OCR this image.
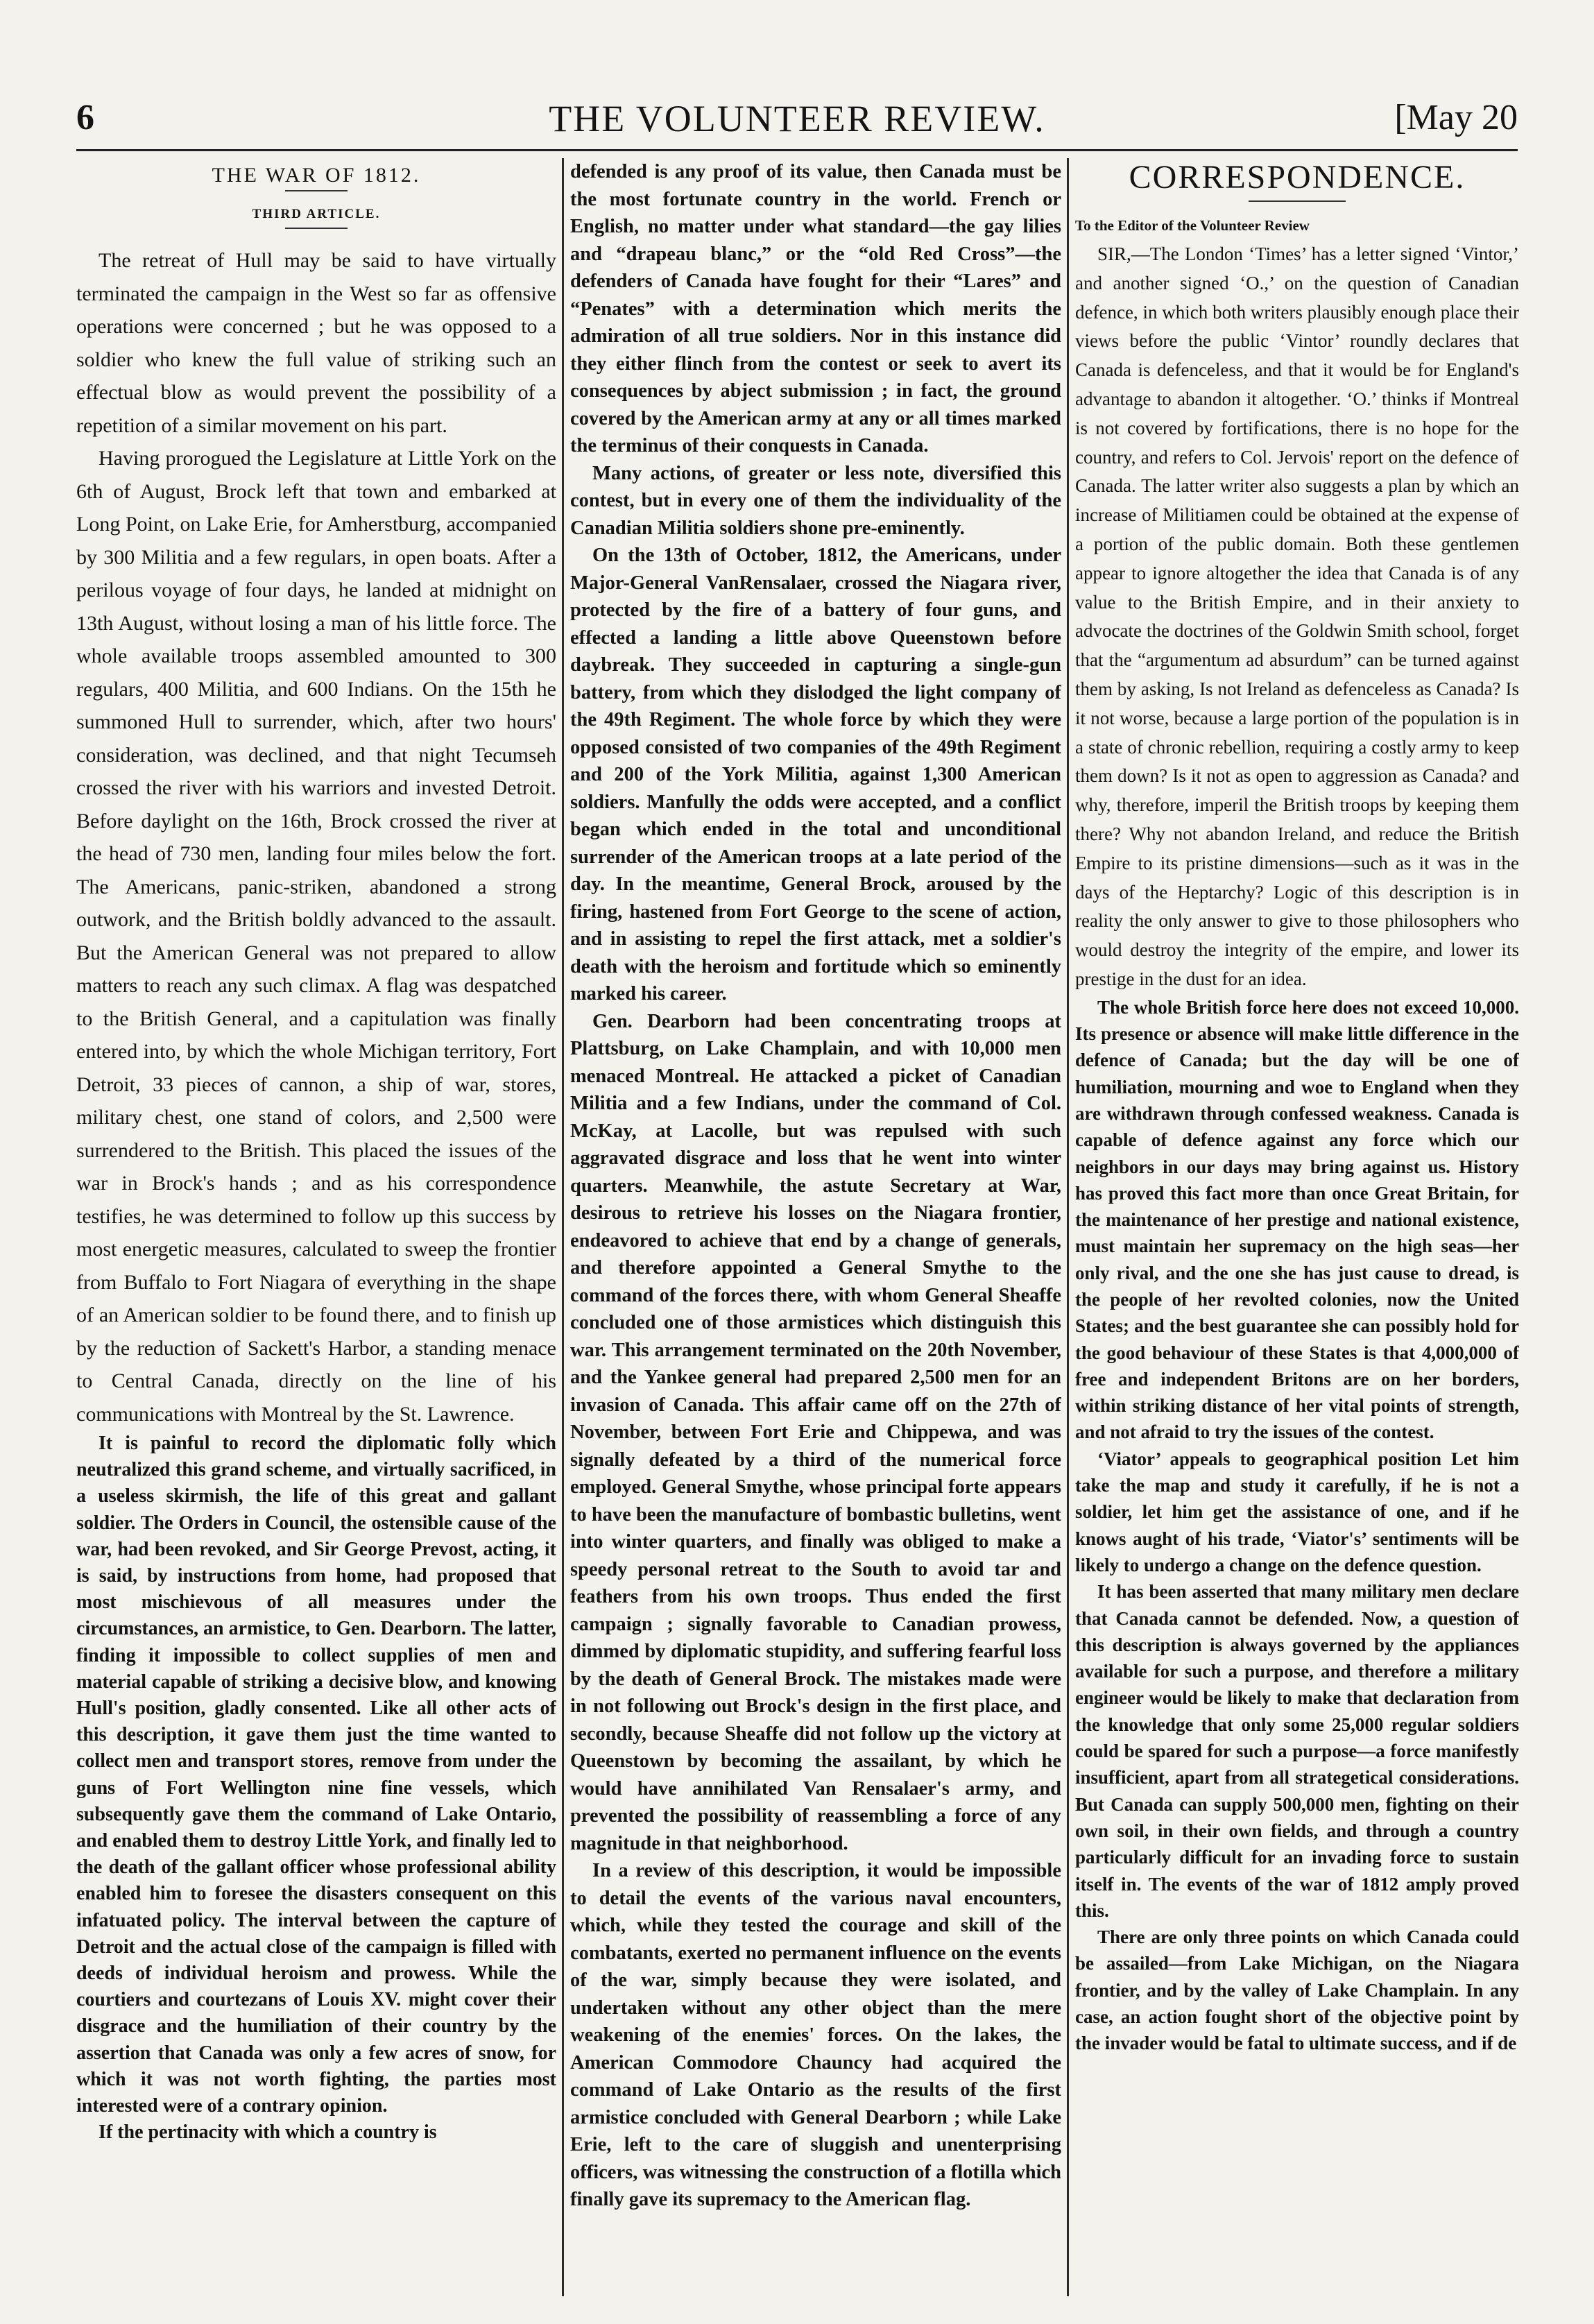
6	THE VOLUNTEER REVIEW.	[May 20
THE WAR OF 1812.
THIRD ARTICLE.

The retreat of Hull may be said to have virtually terminated the campaign in the West so far as offensive operations were concerned ; but he was opposed to a soldier who knew the full value of striking such an effectual blow as would prevent the possibility of a repetition of a similar movement on his part.

Having prorogued the Legislature at Little York on the 6th of August, Brock left that town and embarked at Long Point, on Lake Erie, for Amherstburg, accompanied by 300 Militia and a few regulars, in open boats. After a perilous voyage of four days, he landed at midnight on 13th August, without losing a man of his little force. The whole available troops assembled amounted to 300 regulars, 400 Militia, and 600 Indians. On the 15th he summoned Hull to surrender, which, after two hours' consideration, was declined, and that night Tecumseh crossed the river with his warriors and invested Detroit. Before daylight on the 16th, Brock crossed the river at the head of 730 men, landing four miles below the fort. The Americans, panic-striken, abandoned a strong outwork, and the British boldly advanced to the assault. But the American General was not prepared to allow matters to reach any such climax. A flag was despatched to the British General, and a capitulation was finally entered into, by which the whole Michigan territory, Fort Detroit, 33 pieces of cannon, a ship of war, stores, military chest, one stand of colors, and 2,500 were surrendered to the British. This placed the issues of the war in Brock's hands ; and as his correspondence testifies, he was determined to follow up this success by most energetic measures, calculated to sweep the frontier from Buffalo to Fort Niagara of everything in the shape of an American soldier to be found there, and to finish up by the reduction of Sackett's Harbor, a standing menace to Central Canada, directly on the line of his communications with Montreal by the St. Lawrence.

It is painful to record the diplomatic folly which neutralized this grand scheme, and virtually sacrificed, in a useless skirmish, the life of this great and gallant soldier. The Orders in Council, the ostensible cause of the war, had been revoked, and Sir George Prevost, acting, it is said, by instructions from home, had proposed that most mischievous of all measures under the circumstances, an armistice, to Gen. Dearborn. The latter, finding it impossible to collect supplies of men and material capable of striking a decisive blow, and knowing Hull's position, gladly consented. Like all other acts of this description, it gave them just the time wanted to collect men and transport stores, remove from under the guns of Fort Wellington nine fine vessels, which subsequently gave them the command of Lake Ontario, and enabled them to destroy Little York, and finally led to the death of the gallant officer whose professional ability enabled him to foresee the disasters consequent on this infatuated policy. The interval between the capture of Detroit and the actual close of the campaign is filled with deeds of individual heroism and prowess. While the courtiers and courtezans of Louis XV. might cover their disgrace and the humiliation of their country by the assertion that Canada was only a few acres of snow, for which it was not worth fighting, the parties most interested were of a contrary opinion.

If the pertinacity with which a country is

defended is any proof of its value, then Canada must be the most fortunate country in the world. French or English, no matter under what standard—the gay lilies and “drapeau blanc,” or the “old Red Cross”—the defenders of Canada have fought for their “Lares” and “Penates” with a determination which merits the admiration of all true soldiers. Nor in this instance did they either flinch from the contest or seek to avert its consequences by abject submission ; in fact, the ground covered by the American army at any or all times marked the terminus of their conquests in Canada.

Many actions, of greater or less note, diversified this contest, but in every one of them the individuality of the Canadian Militia soldiers shone pre-eminently.

On the 13th of October, 1812, the Americans, under Major-General VanRensalaer, crossed the Niagara river, protected by the fire of a battery of four guns, and effected a landing a little above Queenstown before daybreak. They succeeded in capturing a single-gun battery, from which they dislodged the light company of the 49th Regiment. The whole force by which they were opposed consisted of two companies of the 49th Regiment and 200 of the York Militia, against 1,300 American soldiers. Manfully the odds were accepted, and a conflict began which ended in the total and unconditional surrender of the American troops at a late period of the day. In the meantime, General Brock, aroused by the firing, hastened from Fort George to the scene of action, and in assisting to repel the first attack, met a soldier's death with the heroism and fortitude which so eminently marked his career.

Gen. Dearborn had been concentrating troops at Plattsburg, on Lake Champlain, and with 10,000 men menaced Montreal. He attacked a picket of Canadian Militia and a few Indians, under the command of Col. McKay, at Lacolle, but was repulsed with such aggravated disgrace and loss that he went into winter quarters. Meanwhile, the astute Secretary at War, desirous to retrieve his losses on the Niagara frontier, endeavored to achieve that end by a change of generals, and therefore appointed a General Smythe to the command of the forces there, with whom General Sheaffe concluded one of those armistices which distinguish this war. This arrangement terminated on the 20th November, and the Yankee general had prepared 2,500 men for an invasion of Canada. This affair came off on the 27th of November, between Fort Erie and Chippewa, and was signally defeated by a third of the numerical force employed. General Smythe, whose principal forte appears to have been the manufacture of bombastic bulletins, went into winter quarters, and finally was obliged to make a speedy personal retreat to the South to avoid tar and feathers from his own troops. Thus ended the first campaign ; signally favorable to Canadian prowess, dimmed by diplomatic stupidity, and suffering fearful loss by the death of General Brock. The mistakes made were in not following out Brock's design in the first place, and secondly, because Sheaffe did not follow up the victory at Queenstown by becoming the assailant, by which he would have annihilated Van Rensalaer's army, and prevented the possibility of reassembling a force of any magnitude in that neighborhood.

In a review of this description, it would be impossible to detail the events of the various naval encounters, which, while they tested the courage and skill of the combatants, exerted no permanent influence on the events of the war, simply because they were isolated, and undertaken without any other object than the mere weakening of the enemies' forces. On the lakes, the American Commodore Chauncy had acquired the command of Lake Ontario as the results of the first armistice concluded with General Dearborn ; while Lake Erie, left to the care of sluggish and unenterprising officers, was witnessing the construction of a flotilla which finally gave its supremacy to the American flag.

CORRESPONDENCE.
To the Editor of the Volunteer Review

SIR,—The London ‘Times’ has a letter signed ‘Vintor,’ and another signed ‘O.,’ on the question of Canadian defence, in which both writers plausibly enough place their views before the public ‘Vintor’ roundly declares that Canada is defenceless, and that it would be for England's advantage to abandon it altogether. ‘O.’ thinks if Montreal is not covered by fortifications, there is no hope for the country, and refers to Col. Jervois' report on the defence of Canada. The latter writer also suggests a plan by which an increase of Militiamen could be obtained at the expense of a portion of the public domain. Both these gentlemen appear to ignore altogether the idea that Canada is of any value to the British Empire, and in their anxiety to advocate the doctrines of the Goldwin Smith school, forget that the “argumentum ad absurdum” can be turned against them by asking, Is not Ireland as defenceless as Canada? Is it not worse, because a large portion of the population is in a state of chronic rebellion, requiring a costly army to keep them down? Is it not as open to aggression as Canada? and why, therefore, imperil the British troops by keeping them there? Why not abandon Ireland, and reduce the British Empire to its pristine dimensions—such as it was in the days of the Heptarchy? Logic of this description is in reality the only answer to give to those philosophers who would destroy the integrity of the empire, and lower its prestige in the dust for an idea.

The whole British force here does not exceed 10,000. Its presence or absence will make little difference in the defence of Canada; but the day will be one of humiliation, mourning and woe to England when they are withdrawn through confessed weakness. Canada is capable of defence against any force which our neighbors in our days may bring against us. History has proved this fact more than once Great Britain, for the maintenance of her prestige and national existence, must maintain her supremacy on the high seas—her only rival, and the one she has just cause to dread, is the people of her revolted colonies, now the United States; and the best guarantee she can possibly hold for the good behaviour of these States is that 4,000,000 of free and independent Britons are on her borders, within striking distance of her vital points of strength, and not afraid to try the issues of the contest.

‘Viator’ appeals to geographical position Let him take the map and study it carefully, if he is not a soldier, let him get the assistance of one, and if he knows aught of his trade, ‘Viator's’ sentiments will be likely to undergo a change on the defence question.

It has been asserted that many military men declare that Canada cannot be defended. Now, a question of this description is always governed by the appliances available for such a purpose, and therefore a military engineer would be likely to make that declaration from the knowledge that only some 25,000 regular soldiers could be spared for such a purpose—a force manifestly insufficient, apart from all strategetical considerations. But Canada can supply 500,000 men, fighting on their own soil, in their own fields, and through a country particularly difficult for an invading force to sustain itself in. The events of the war of 1812 amply proved this.

There are only three points on which Canada could be assailed—from Lake Michigan, on the Niagara frontier, and by the valley of Lake Champlain. In any case, an action fought short of the objective point by the invader would be fatal to ultimate success, and if de
